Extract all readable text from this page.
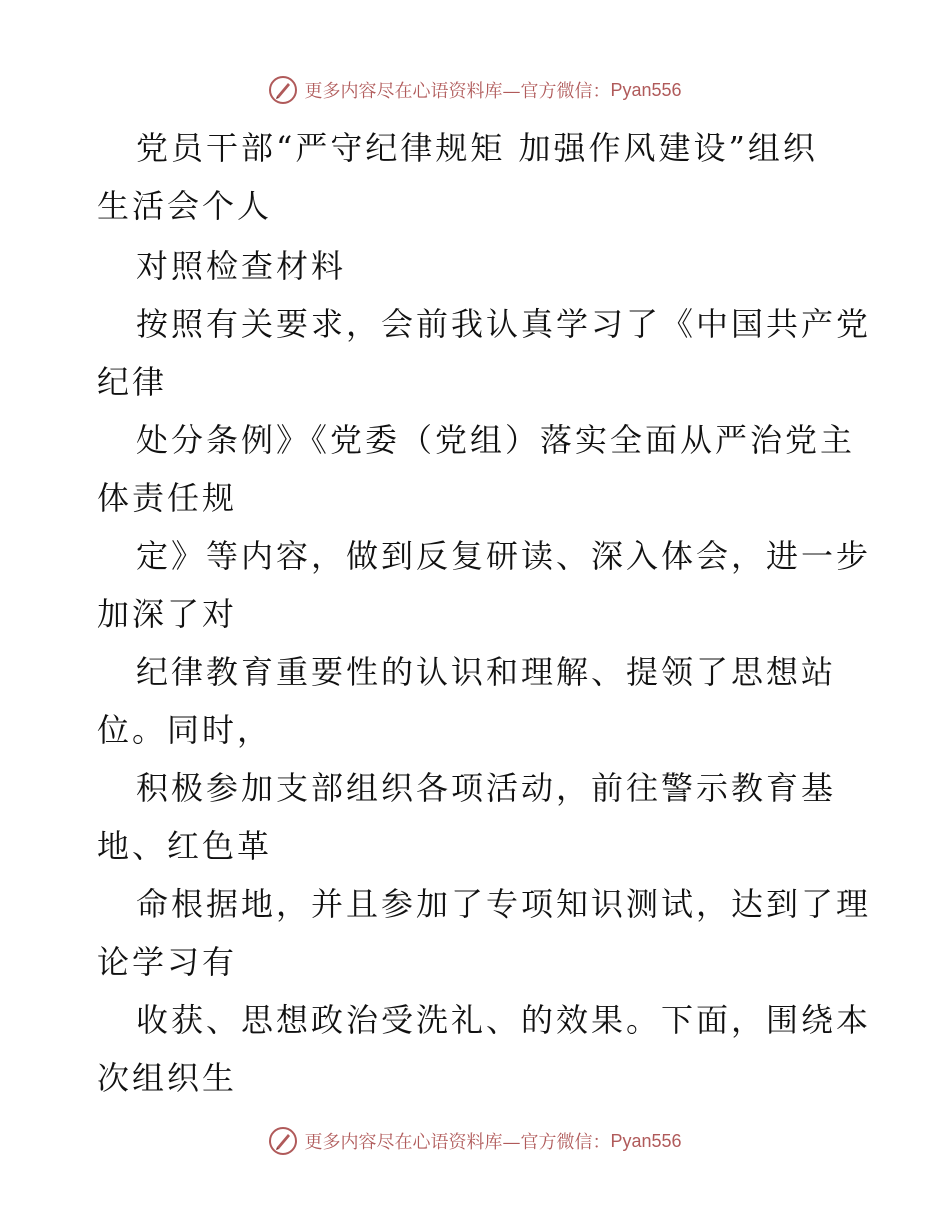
更多内容尽在心语资料库—官方微信： Pyan556
党员干部“严守纪律规矩 加强作风建设”组织
生活会个人
对照检查材料
按照有关要求，会前我认真学习了《中国共产党
纪律
处分条例》《党委（党组）落实全面从严治党主
体责任规
定》等内容，做到反复研读、深入体会，进一步
加深了对
纪律教育重要性的认识和理解、提领了思想站
位。同时，
积极参加支部组织各项活动，前往警示教育基
地、红色革
命根据地，并且参加了专项知识测试，达到了理
论学习有
收获、思想政治受洗礼、的效果。下面，围绕本
次组织生
更多内容尽在心语资料库—官方微信： Pyan556
